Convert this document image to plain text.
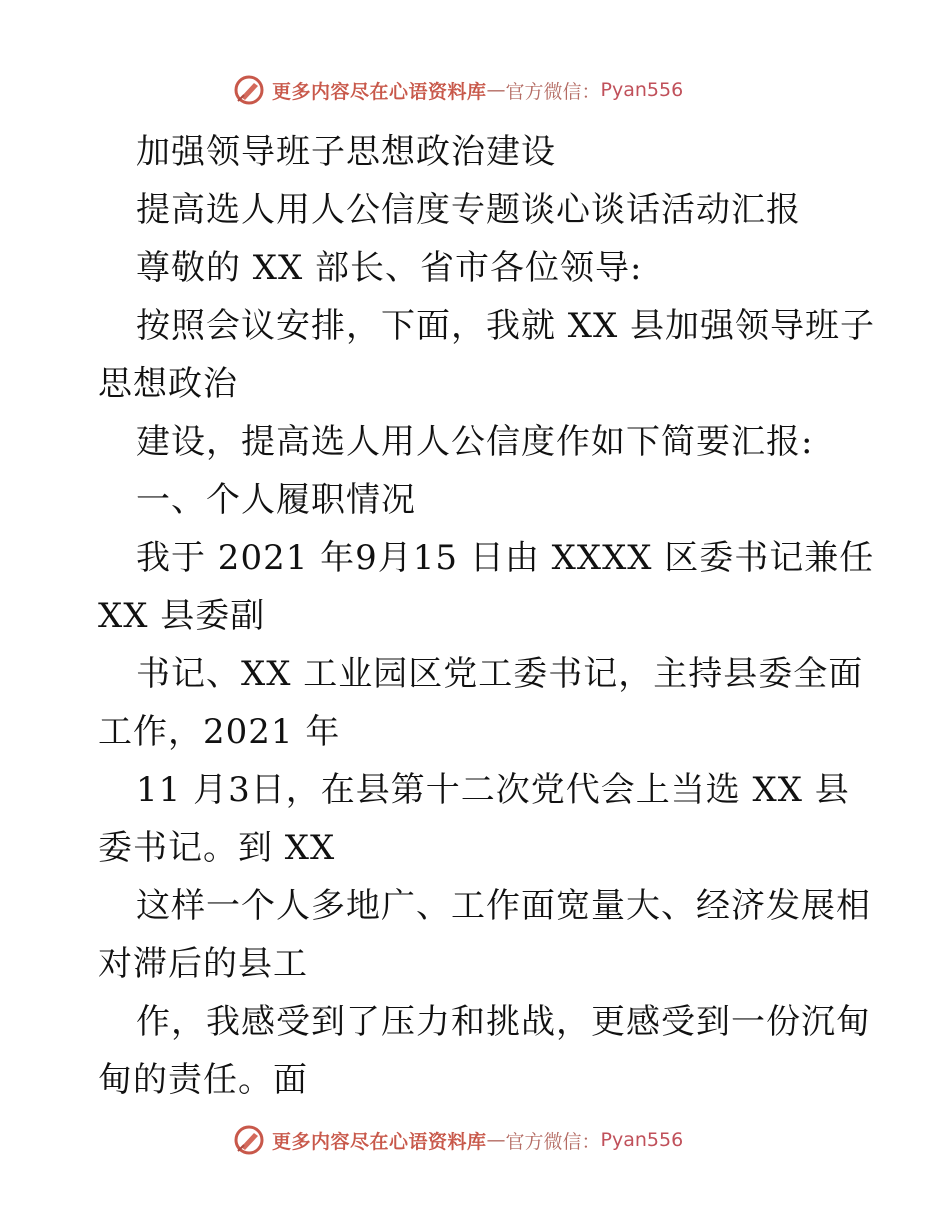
更多内容尽在心语资料库 — 官方微信： Pyan556
加强领导班子思想政治建设
提高选人用人公信度专题谈心谈话活动汇报
尊敬的 XX 部长、省市各位领导:
按照会议安排，下面，我就 XX 县加强领导班子
思想政治
建设，提高选人用人公信度作如下简要汇报:
一、个人履职情况
我于 2021 年9月15 日由 XXXX 区委书记兼任
XX 县委副
书记、XX 工业园区党工委书记，主持县委全面
工作，2021 年
11 月3日，在县第十二次党代会上当选 XX 县
委书记。到 XX
这样一个人多地广、工作面宽量大、经济发展相
对滞后的县工
作，我感受到了压力和挑战，更感受到一份沉甸
甸的责任。面
更多内容尽在心语资料库 — 官方微信： Pyan556
